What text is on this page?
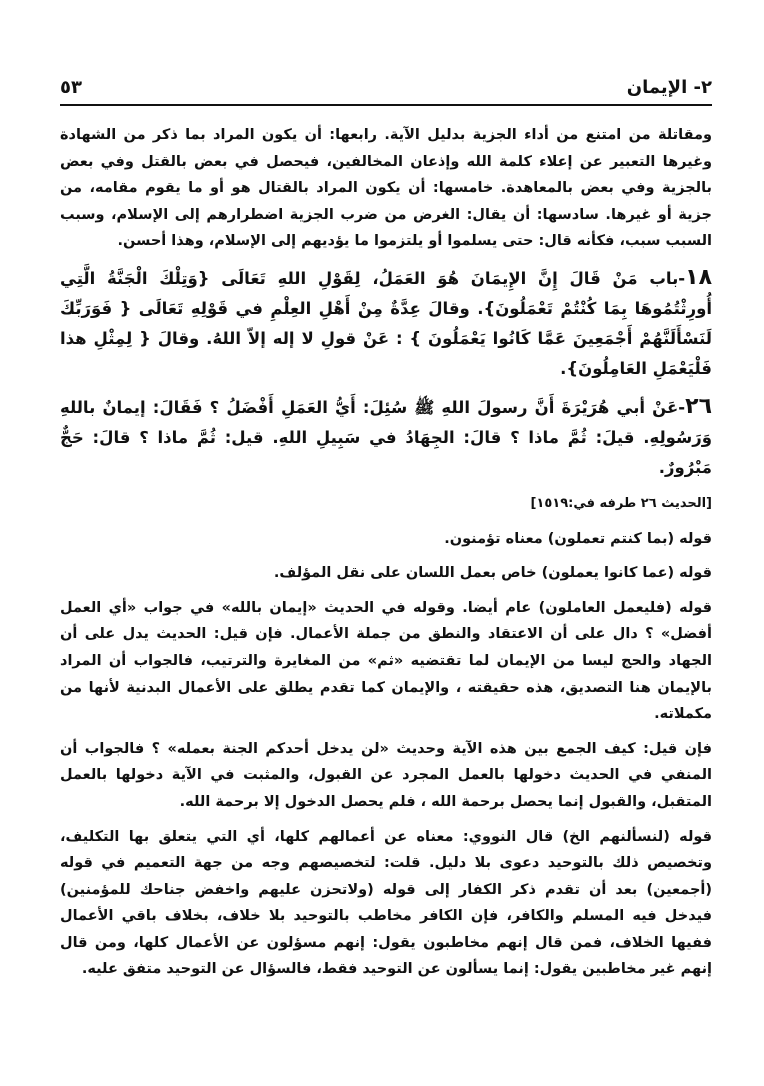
٢- الإيمان
٥٣

ومقاتلة من امتنع من أداء الجزية بدليل الآية. رابعها: أن يكون المراد بما ذكر من الشهادة وغيرها التعبير عن إعلاء كلمة الله وإذعان المخالفين، فيحصل في بعض بالقتل وفي بعض بالجزية وفي بعض بالمعاهدة. خامسها: أن يكون المراد بالقتال هو أو ما يقوم مقامه، من جزية أو غيرها. سادسها: أن يقال: الغرض من ضرب الجزية اضطرارهم إلى الإسلام، وسبب السبب سبب، فكأنه قال: حتى يسلموا أو يلتزموا ما يؤديهم إلى الإسلام، وهذا أحسن.

١٨-باب مَنْ قَالَ إِنَّ الإِيمَانَ هُوَ العَمَلُ، لِقَوْلِ اللهِ تَعَالَى {وَتِلْكَ الْجَنَّةُ الَّتِي أُورِثْتُمُوهَا بِمَا كُنْتُمْ تَعْمَلُونَ}. وقالَ عِدَّةٌ مِنْ أَهْلِ العِلْمِ في قَوْلِهِ تَعَالَى { فَوَرَبِّكَ لَنَسْأَلَنَّهُمْ أَجْمَعِينَ عَمَّا كَانُوا يَعْمَلُونَ } : عَنْ قولِ لا إله إلاّ اللهُ. وقالَ { لِمِثْلِ هذا فَلْيَعْمَلِ العَامِلُونَ}.

٢٦-عَنْ أبي هُرَيْرَةَ أَنَّ رسولَ اللهِ ﷺ سُئِلَ: أَيُّ العَمَلِ أَفْضَلُ ؟ فَقَالَ: إيمانٌ باللهِ وَرَسُولِهِ. قيلَ: ثُمَّ ماذا ؟ قالَ: الجِهَادُ في سَبِيلِ اللهِ. قيل: ثُمَّ ماذا ؟ قالَ: حَجٌّ مَبْرُورٌ.

[الحديث ٢٦ طرفه في:١٥١٩]

قوله (بما كنتم تعملون) معناه تؤمنون.

قوله (عما كانوا يعملون) خاص بعمل اللسان على نقل المؤلف.

قوله (فليعمل العاملون) عام أيضا. وقوله في الحديث «إيمان بالله» في جواب «أي العمل أفضل» ؟ دال على أن الاعتقاد والنطق من جملة الأعمال. فإن قيل: الحديث يدل على أن الجهاد والحج ليسا من الإيمان لما تقتضيه «ثم» من المغايرة والترتيب، فالجواب أن المراد بالإيمان هنا التصديق، هذه حقيقته ، والإيمان كما تقدم يطلق على الأعمال البدنية لأنها من مكملاته.

فإن قيل: كيف الجمع بين هذه الآية وحديث «لن يدخل أحدكم الجنة بعمله» ؟ فالجواب أن المنفي في الحديث دخولها بالعمل المجرد عن القبول، والمثبت في الآية دخولها بالعمل المتقبل، والقبول إنما يحصل برحمة الله ، فلم يحصل الدخول إلا برحمة الله.

قوله (لنسألنهم الخ) قال النووي: معناه عن أعمالهم كلها، أي التي يتعلق بها التكليف، وتخصيص ذلك بالتوحيد دعوى بلا دليل. قلت: لتخصيصهم وجه من جهة التعميم في قوله (أجمعين) بعد أن تقدم ذكر الكفار إلى قوله (ولاتحزن عليهم واخفض جناحك للمؤمنين) فيدخل فيه المسلم والكافر، فإن الكافر مخاطب بالتوحيد بلا خلاف، بخلاف باقي الأعمال ففيها الخلاف، فمن قال إنهم مخاطبون يقول: إنهم مسؤلون عن الأعمال كلها، ومن قال إنهم غير مخاطبين يقول: إنما يسألون عن التوحيد فقط، فالسؤال عن التوحيد متفق عليه.
